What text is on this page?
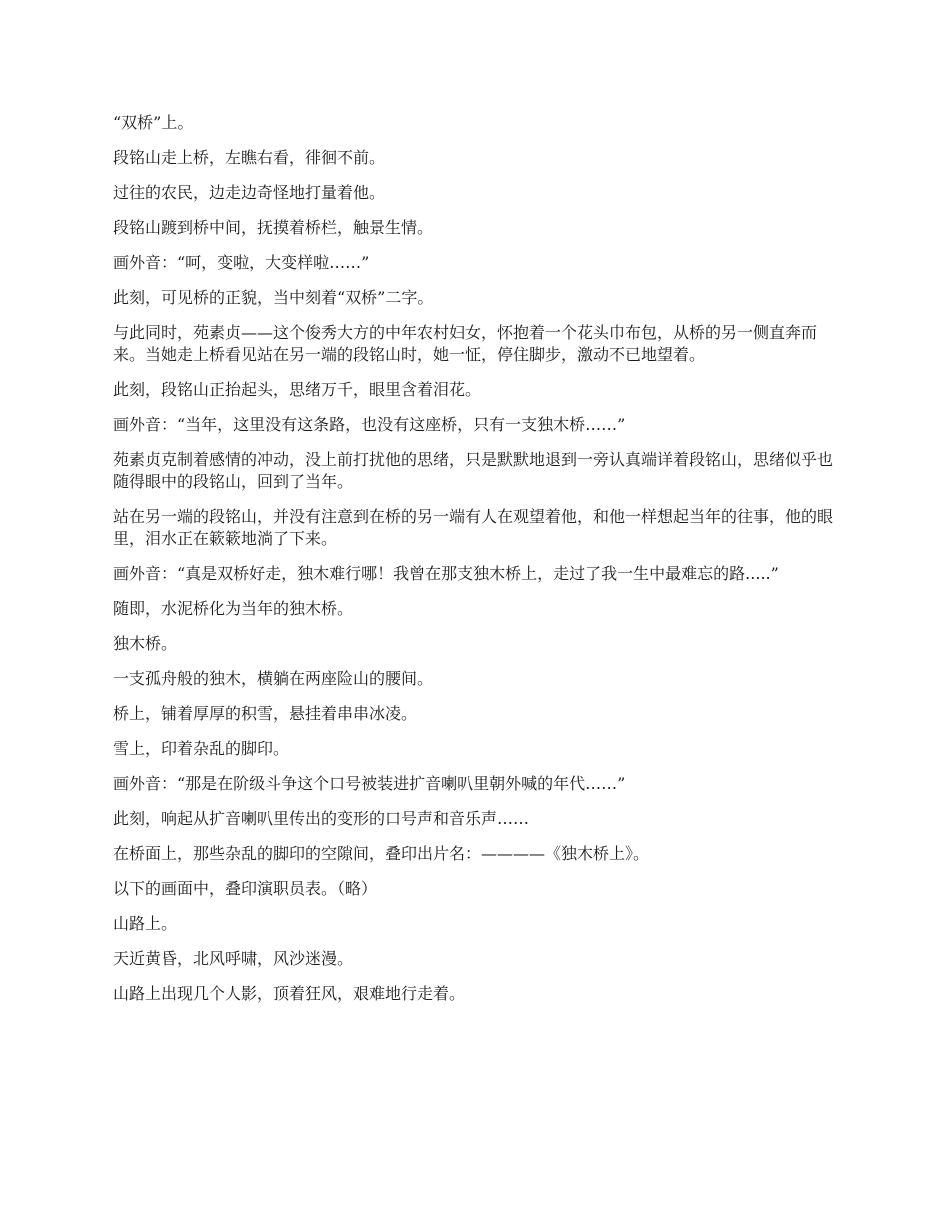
“双桥”上。

段铭山走上桥，左瞧右看，徘徊不前。

过往的农民，边走边奇怪地打量着他。

段铭山踱到桥中间，抚摸着桥栏，触景生情。

画外音：“呵，变啦，大变样啦……”

此刻，可见桥的正貌，当中刻着“双桥”二字。

与此同时，苑素贞——这个俊秀大方的中年农村妇女，怀抱着一个花头巾布包，从桥的另一侧直奔而来。当她走上桥看见站在另一端的段铭山时，她一怔，停住脚步，激动不已地望着。

此刻，段铭山正抬起头，思绪万千，眼里含着泪花。

画外音：“当年，这里没有这条路，也没有这座桥，只有一支独木桥……”

苑素贞克制着感情的冲动，没上前打扰他的思绪，只是默默地退到一旁认真端详着段铭山，思绪似乎也随得眼中的段铭山，回到了当年。

站在另一端的段铭山，并没有注意到在桥的另一端有人在观望着他，和他一样想起当年的往事，他的眼里，泪水正在簌簌地淌了下来。

画外音：“真是双桥好走，独木难行哪！我曾在那支独木桥上，走过了我一生中最难忘的路.....”

随即，水泥桥化为当年的独木桥。

独木桥。

一支孤舟般的独木，横躺在两座险山的腰间。

桥上，铺着厚厚的积雪，悬挂着串串冰凌。

雪上，印着杂乱的脚印。

画外音：“那是在阶级斗争这个口号被装进扩音喇叭里朝外喊的年代……”

此刻，响起从扩音喇叭里传出的变形的口号声和音乐声……

在桥面上，那些杂乱的脚印的空隙间，叠印出片名：————《独木桥上》。

以下的画面中，叠印演职员表。（略）

山路上。

天近黄昏，北风呼啸，风沙迷漫。

山路上出现几个人影，顶着狂风，艰难地行走着。
